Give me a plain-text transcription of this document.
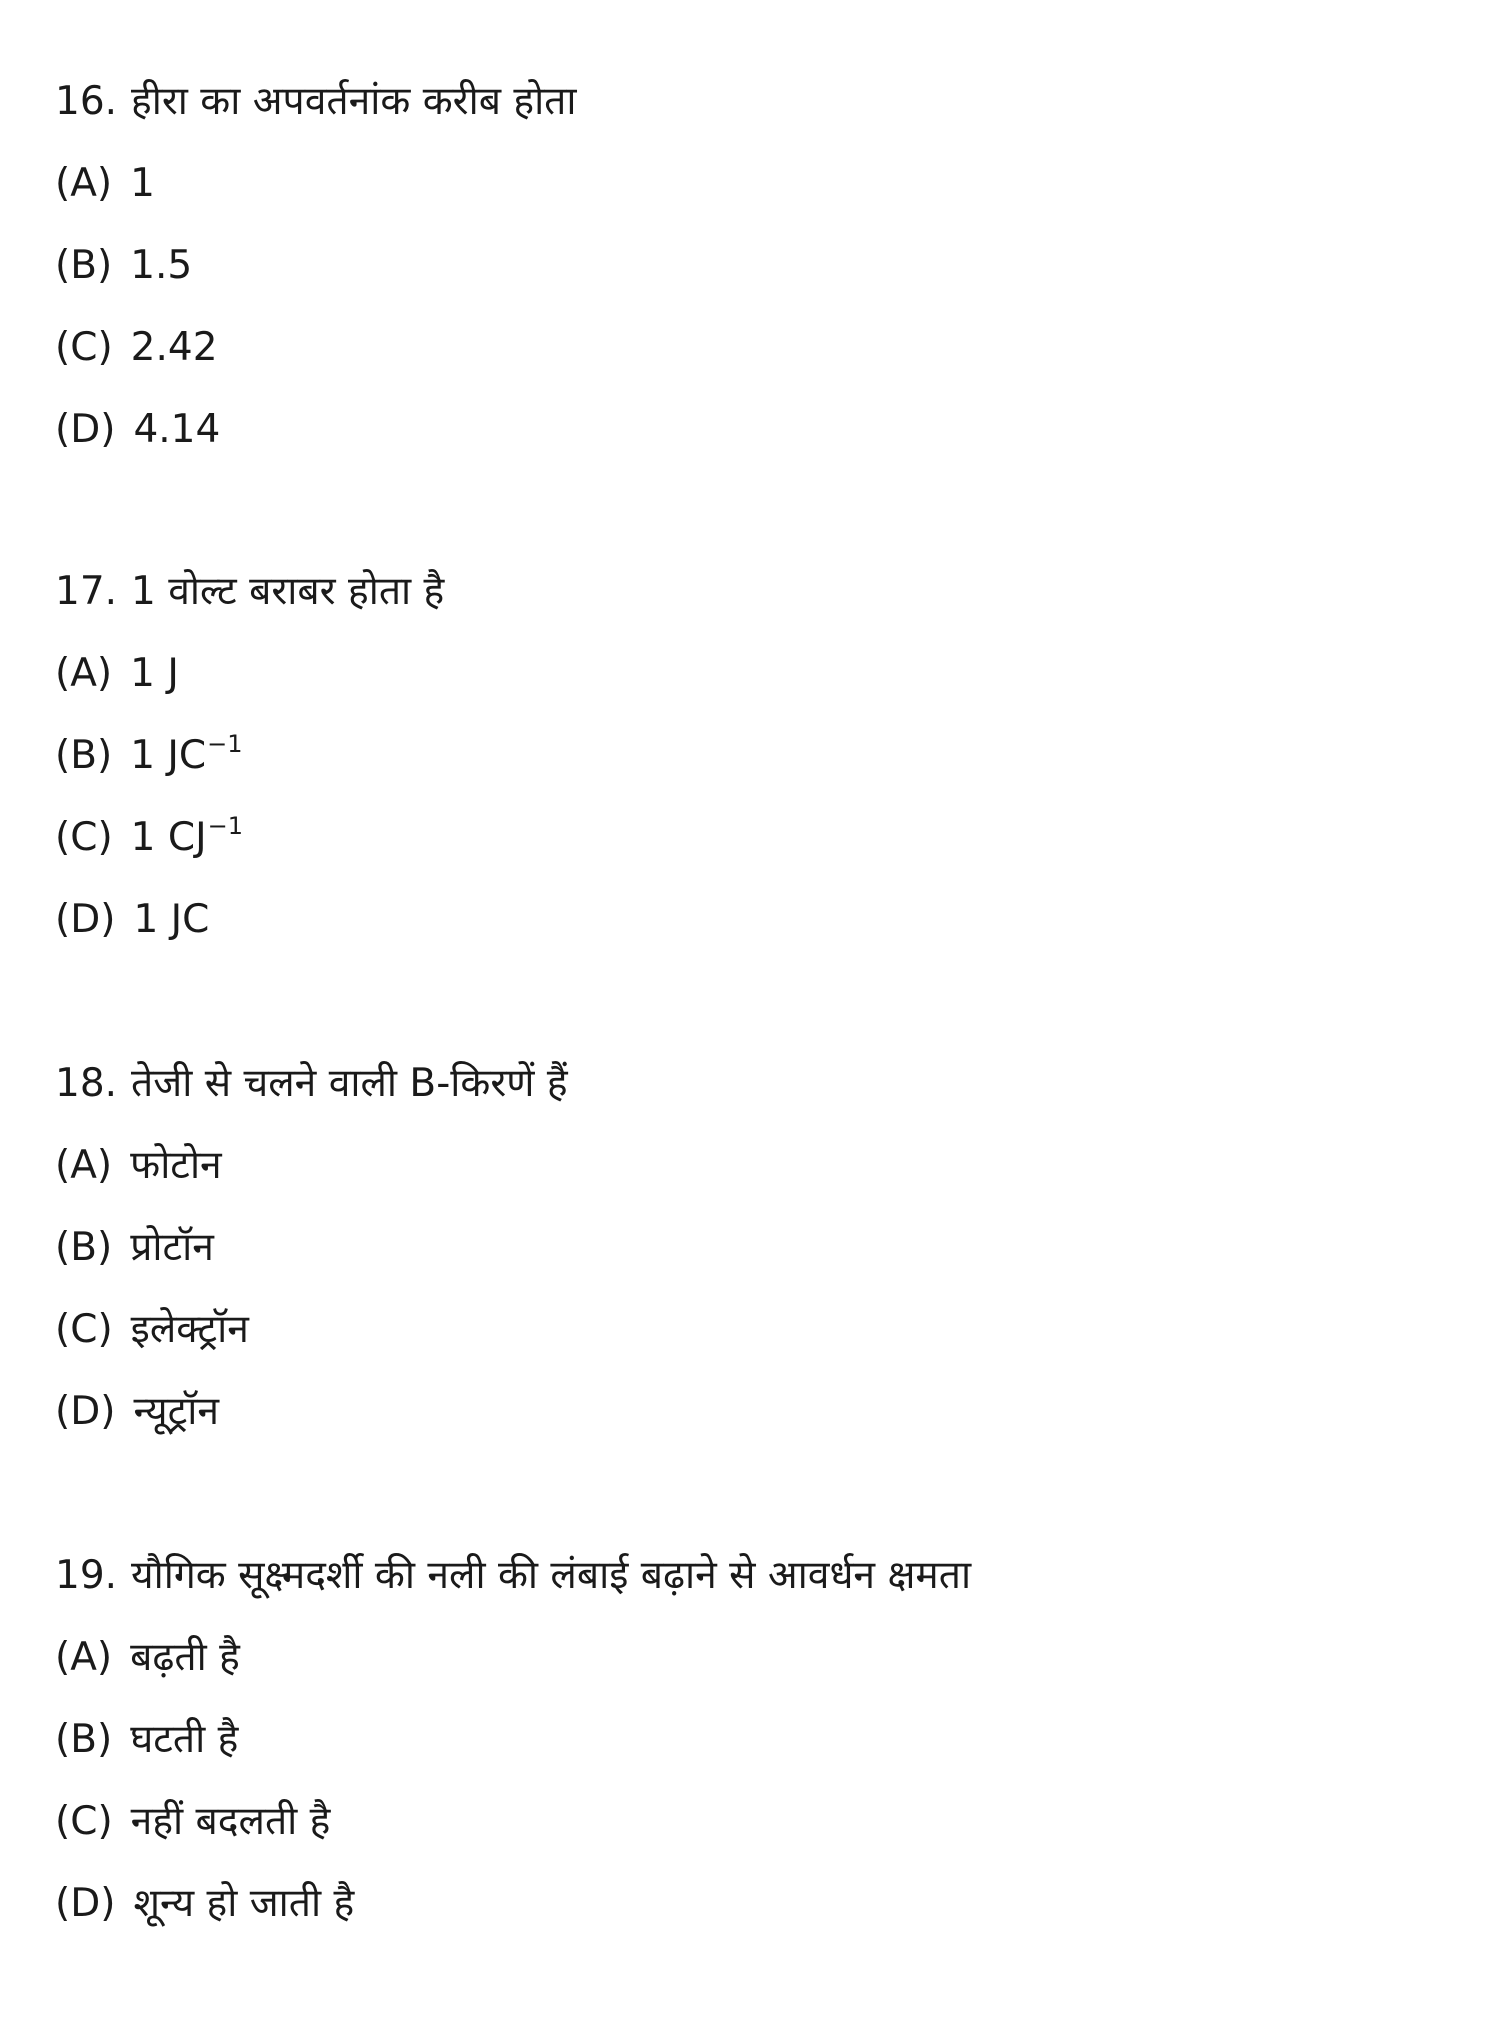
16. हीरा का अपवर्तनांक करीब होता
(A) 1
(B) 1.5
(C) 2.42
(D) 4.14
17. 1 वोल्ट बराबर होता है
(A) 1 J
(B) 1 $JC^{-1}$
(C) 1 $CJ^{-1}$
(D) 1 JC
18. तेजी से चलने वाली B-किरणें हैं
(A) फोटोन
(B) प्रोटॉन
(C) इलेक्ट्रॉन
(D) न्यूट्रॉन
19. यौगिक सूक्ष्मदर्शी की नली की लंबाई बढ़ाने से आवर्धन क्षमता
(A) बढ़ती है
(B) घटती है
(C) नहीं बदलती है
(D) शून्य हो जाती है
